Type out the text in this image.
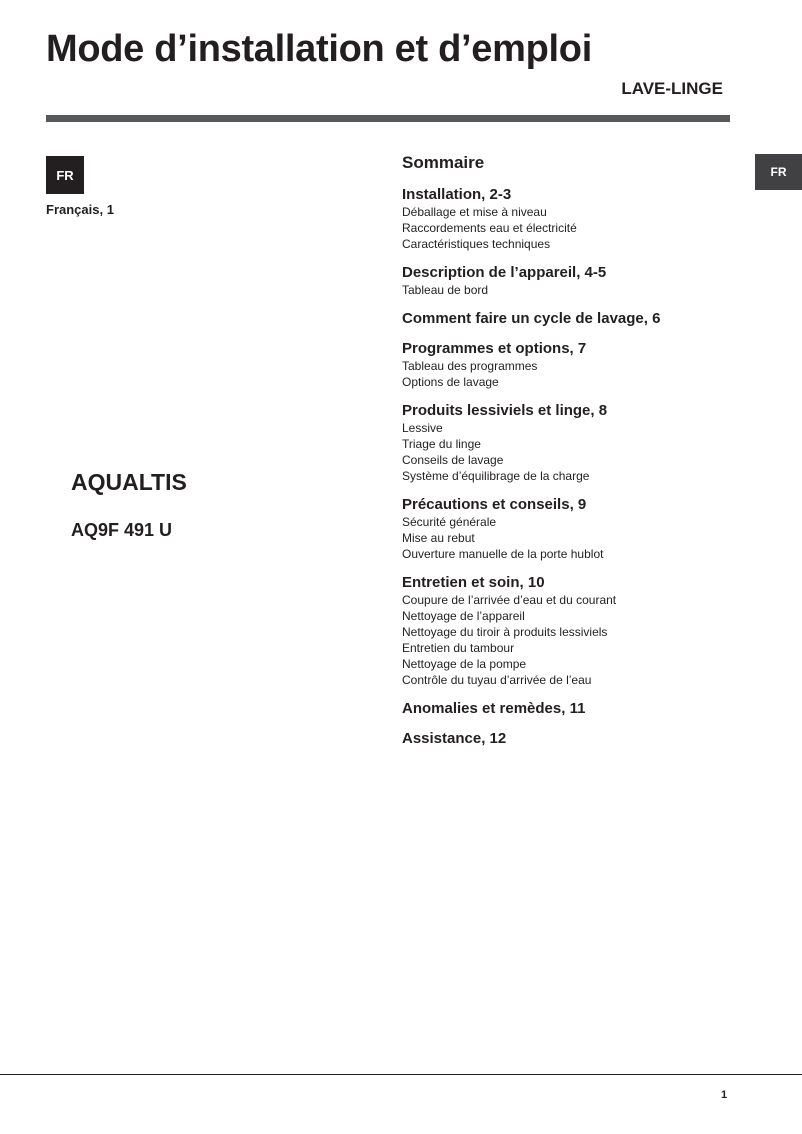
Mode d’installation et d’emploi
LAVE-LINGE
FR
Français, 1
FR
AQUALTIS
AQ9F 491 U
Sommaire
Installation, 2-3
Déballage et mise à niveau
Raccordements eau et électricité
Caractéristiques techniques
Description de l’appareil, 4-5
Tableau de bord
Comment faire un cycle de lavage, 6
Programmes et options, 7
Tableau des programmes
Options de lavage
Produits lessiviels et linge, 8
Lessive
Triage du linge
Conseils de lavage
Système d’équilibrage de la charge
Précautions et conseils, 9
Sécurité générale
Mise au rebut
Ouverture manuelle de la porte hublot
Entretien et soin, 10
Coupure de l’arrivée d’eau et du courant
Nettoyage de l’appareil
Nettoyage du tiroir à produits lessiviels
Entretien du tambour
Nettoyage de la pompe
Contrôle du tuyau d’arrivée de l’eau
Anomalies et remèdes, 11
Assistance, 12
1
